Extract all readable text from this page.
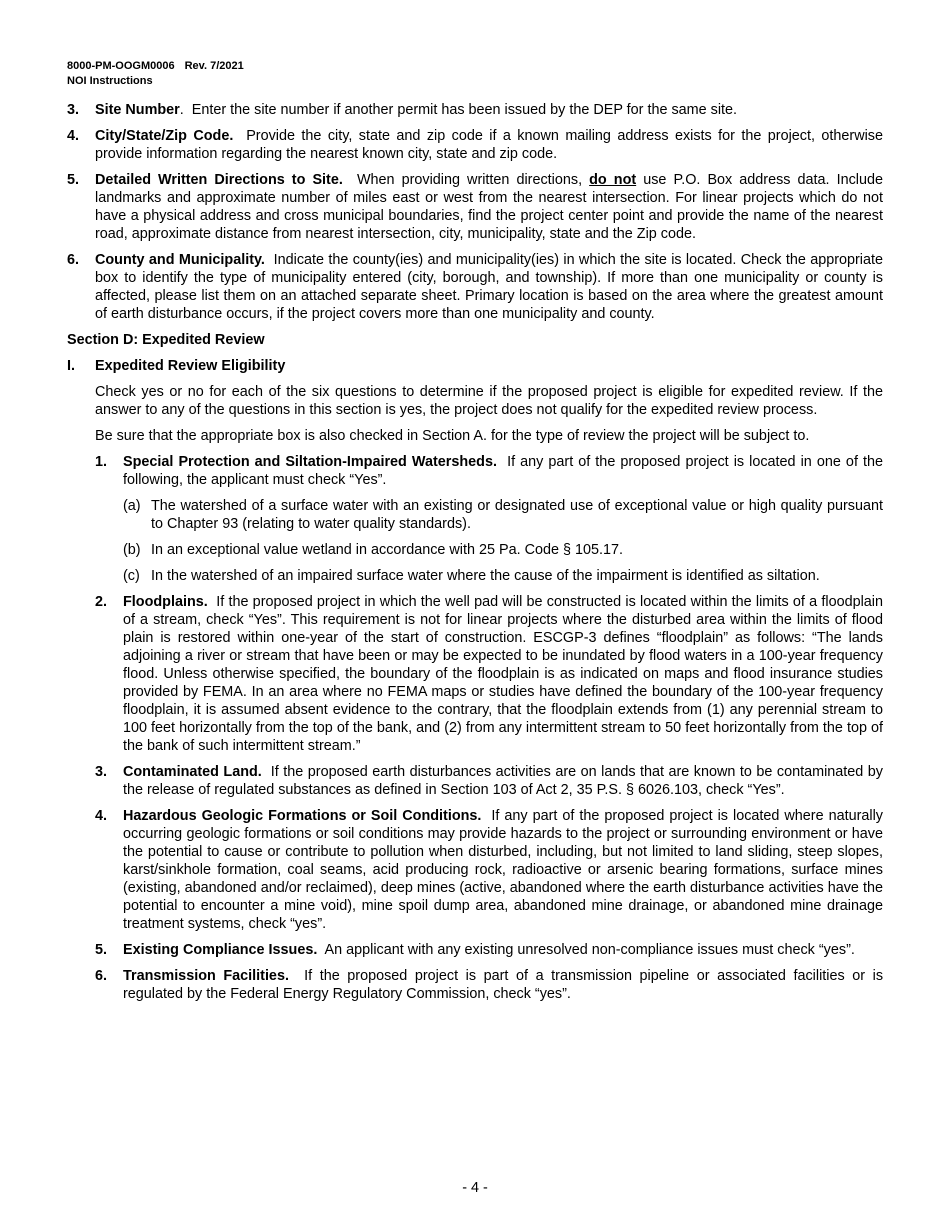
8000-PM-OOGM0006 Rev. 7/2021
NOI Instructions
3. Site Number.  Enter the site number if another permit has been issued by the DEP for the same site.
4. City/State/Zip Code. Provide the city, state and zip code if a known mailing address exists for the project, otherwise provide information regarding the nearest known city, state and zip code.
5. Detailed Written Directions to Site. When providing written directions, do not use P.O. Box address data. Include landmarks and approximate number of miles east or west from the nearest intersection. For linear projects which do not have a physical address and cross municipal boundaries, find the project center point and provide the name of the nearest road, approximate distance from nearest intersection, city, municipality, state and the Zip code.
6. County and Municipality. Indicate the county(ies) and municipality(ies) in which the site is located. Check the appropriate box to identify the type of municipality entered (city, borough, and township). If more than one municipality or county is affected, please list them on an attached separate sheet. Primary location is based on the area where the greatest amount of earth disturbance occurs, if the project covers more than one municipality and county.
Section D: Expedited Review
I. Expedited Review Eligibility
Check yes or no for each of the six questions to determine if the proposed project is eligible for expedited review. If the answer to any of the questions in this section is yes, the project does not qualify for the expedited review process.
Be sure that the appropriate box is also checked in Section A. for the type of review the project will be subject to.
1. Special Protection and Siltation-Impaired Watersheds. If any part of the proposed project is located in one of the following, the applicant must check “Yes”.
(a) The watershed of a surface water with an existing or designated use of exceptional value or high quality pursuant to Chapter 93 (relating to water quality standards).
(b) In an exceptional value wetland in accordance with 25 Pa. Code § 105.17.
(c) In the watershed of an impaired surface water where the cause of the impairment is identified as siltation.
2. Floodplains. If the proposed project in which the well pad will be constructed is located within the limits of a floodplain of a stream, check “Yes”. This requirement is not for linear projects where the disturbed area within the limits of flood plain is restored within one-year of the start of construction. ESCGP-3 defines “floodplain” as follows: “The lands adjoining a river or stream that have been or may be expected to be inundated by flood waters in a 100-year frequency flood. Unless otherwise specified, the boundary of the floodplain is as indicated on maps and flood insurance studies provided by FEMA. In an area where no FEMA maps or studies have defined the boundary of the 100-year frequency floodplain, it is assumed absent evidence to the contrary, that the floodplain extends from (1) any perennial stream to 100 feet horizontally from the top of the bank, and (2) from any intermittent stream to 50 feet horizontally from the top of the bank of such intermittent stream.”
3. Contaminated Land. If the proposed earth disturbances activities are on lands that are known to be contaminated by the release of regulated substances as defined in Section 103 of Act 2, 35 P.S. § 6026.103, check “Yes”.
4. Hazardous Geologic Formations or Soil Conditions. If any part of the proposed project is located where naturally occurring geologic formations or soil conditions may provide hazards to the project or surrounding environment or have the potential to cause or contribute to pollution when disturbed, including, but not limited to land sliding, steep slopes, karst/sinkhole formation, coal seams, acid producing rock, radioactive or arsenic bearing formations, surface mines (existing, abandoned and/or reclaimed), deep mines (active, abandoned where the earth disturbance activities have the potential to encounter a mine void), mine spoil dump area, abandoned mine drainage, or abandoned mine drainage treatment systems, check “yes”.
5. Existing Compliance Issues. An applicant with any existing unresolved non-compliance issues must check “yes”.
6. Transmission Facilities. If the proposed project is part of a transmission pipeline or associated facilities or is regulated by the Federal Energy Regulatory Commission, check “yes”.
- 4 -
